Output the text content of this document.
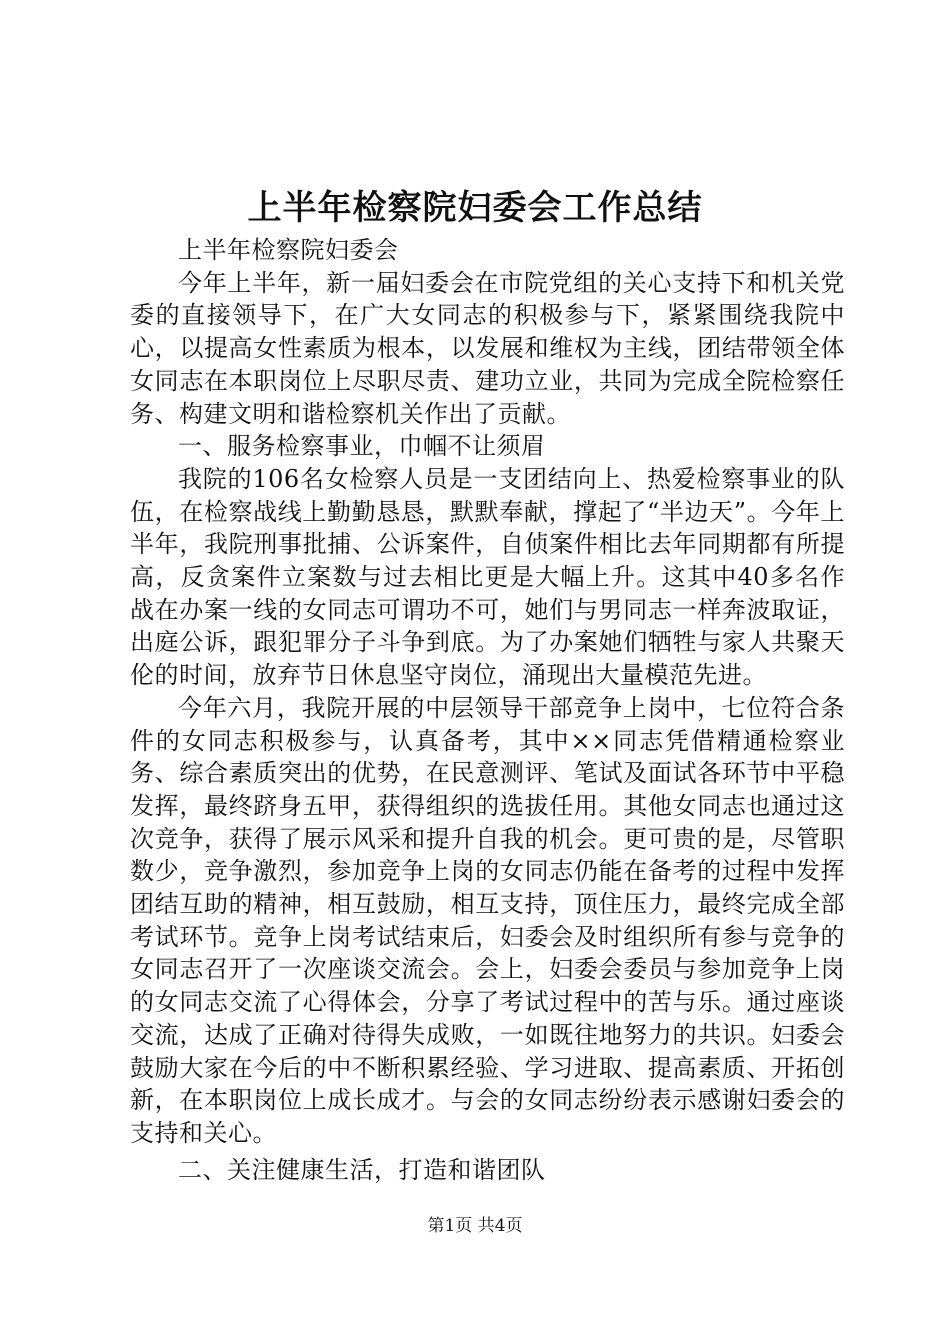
上半年检察院妇委会工作总结

上半年检察院妇委会

今年上半年，新一届妇委会在市院党组的关心支持下和机关党委的直接领导下，在广大女同志的积极参与下，紧紧围绕我院中心，以提高女性素质为根本，以发展和维权为主线，团结带领全体女同志在本职岗位上尽职尽责、建功立业，共同为完成全院检察任务、构建文明和谐检察机关作出了贡献。

一、服务检察事业，巾帼不让须眉

我院的106名女检察人员是一支团结向上、热爱检察事业的队伍，在检察战线上勤勤恳恳，默默奉献，撑起了“半边天”。今年上半年，我院刑事批捕、公诉案件，自侦案件相比去年同期都有所提高，反贪案件立案数与过去相比更是大幅上升。这其中40多名作战在办案一线的女同志可谓功不可，她们与男同志一样奔波取证，出庭公诉，跟犯罪分子斗争到底。为了办案她们牺牲与家人共聚天伦的时间，放弃节日休息坚守岗位，涌现出大量模范先进。

今年六月，我院开展的中层领导干部竞争上岗中，七位符合条件的女同志积极参与，认真备考，其中××同志凭借精通检察业务、综合素质突出的优势，在民意测评、笔试及面试各环节中平稳发挥，最终跻身五甲，获得组织的选拔任用。其他女同志也通过这次竞争，获得了展示风采和提升自我的机会。更可贵的是，尽管职数少，竞争激烈，参加竞争上岗的女同志仍能在备考的过程中发挥团结互助的精神，相互鼓励，相互支持，顶住压力，最终完成全部考试环节。竞争上岗考试结束后，妇委会及时组织所有参与竞争的女同志召开了一次座谈交流会。会上，妇委会委员与参加竞争上岗的女同志交流了心得体会，分享了考试过程中的苦与乐。通过座谈交流，达成了正确对待得失成败，一如既往地努力的共识。妇委会鼓励大家在今后的中不断积累经验、学习进取、提高素质、开拓创新，在本职岗位上成长成才。与会的女同志纷纷表示感谢妇委会的支持和关心。

二、关注健康生活，打造和谐团队

第1页 共4页
